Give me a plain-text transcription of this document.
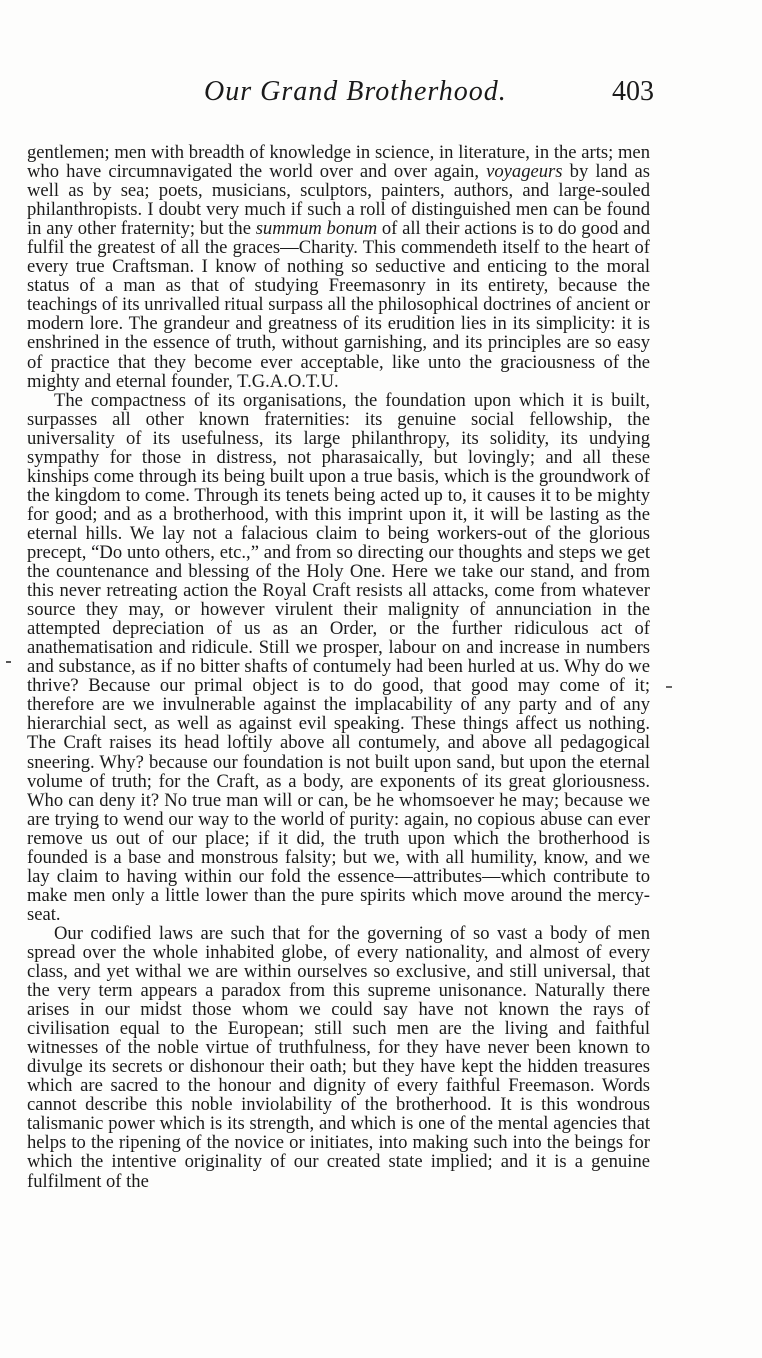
Our Grand Brotherhood.	403

gentlemen; men with breadth of knowledge in science, in literature, in the arts; men who have circumnavigated the world over and over again, voyageurs by land as well as by sea; poets, musicians, sculptors, painters, authors, and large-souled philanthropists. I doubt very much if such a roll of distinguished men can be found in any other fraternity; but the summum bonum of all their actions is to do good and fulfil the greatest of all the graces—Charity. This commendeth itself to the heart of every true Craftsman. I know of nothing so seductive and enticing to the moral status of a man as that of studying Freemasonry in its entirety, because the teachings of its unrivalled ritual surpass all the philosophical doctrines of ancient or modern lore. The grandeur and greatness of its erudition lies in its simplicity: it is enshrined in the essence of truth, without garnishing, and its principles are so easy of practice that they become ever acceptable, like unto the graciousness of the mighty and eternal founder, T.G.A.O.T.U.

The compactness of its organisations, the foundation upon which it is built, surpasses all other known fraternities: its genuine social fellowship, the universality of its usefulness, its large philanthropy, its solidity, its undying sympathy for those in distress, not pharasaically, but lovingly; and all these kinships come through its being built upon a true basis, which is the groundwork of the kingdom to come. Through its tenets being acted up to, it causes it to be mighty for good; and as a brotherhood, with this imprint upon it, it will be lasting as the eternal hills. We lay not a falacious claim to being workers-out of the glorious precept, “Do unto others, etc.,” and from so directing our thoughts and steps we get the countenance and blessing of the Holy One. Here we take our stand, and from this never retreating action the Royal Craft resists all attacks, come from whatever source they may, or however virulent their malignity of annunciation in the attempted depreciation of us as an Order, or the further ridiculous act of anathematisation and ridicule. Still we prosper, labour on and increase in numbers and substance, as if no bitter shafts of contumely had been hurled at us. Why do we thrive? Because our primal object is to do good, that good may come of it; therefore are we invulnerable against the implacability of any party and of any hierarchial sect, as well as against evil speaking. These things affect us nothing. The Craft raises its head loftily above all contumely, and above all pedagogical sneering. Why? because our foundation is not built upon sand, but upon the eternal volume of truth; for the Craft, as a body, are exponents of its great gloriousness. Who can deny it? No true man will or can, be he whomsoever he may; because we are trying to wend our way to the world of purity: again, no copious abuse can ever remove us out of our place; if it did, the truth upon which the brotherhood is founded is a base and monstrous falsity; but we, with all humility, know, and we lay claim to having within our fold the essence—attributes—which contribute to make men only a little lower than the pure spirits which move around the mercy-seat.

Our codified laws are such that for the governing of so vast a body of men spread over the whole inhabited globe, of every nationality, and almost of every class, and yet withal we are within ourselves so exclusive, and still universal, that the very term appears a paradox from this supreme unisonance. Naturally there arises in our midst those whom we could say have not known the rays of civilisation equal to the European; still such men are the living and faithful witnesses of the noble virtue of truthfulness, for they have never been known to divulge its secrets or dishonour their oath; but they have kept the hidden treasures which are sacred to the honour and dignity of every faithful Freemason. Words cannot describe this noble inviolability of the brotherhood. It is this wondrous talismanic power which is its strength, and which is one of the mental agencies that helps to the ripening of the novice or initiates, into making such into the beings for which the intentive originality of our created state implied; and it is a genuine fulfilment of the
